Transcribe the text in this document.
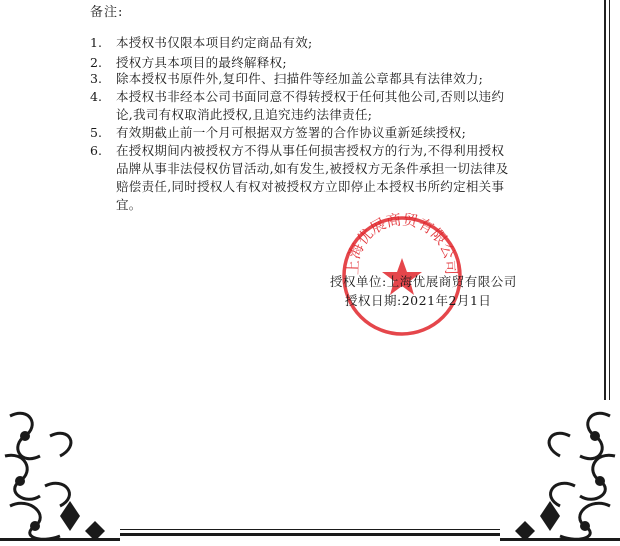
备注:
1.	本授权书仅限本项目约定商品有效;
2.	授权方具本项目的最终解释权;
3.	除本授权书原件外,复印件、扫描件等经加盖公章都具有法律效力;
4.	本授权书非经本公司书面同意不得转授权于任何其他公司,否则以违约论,我司有权取消此授权,且追究违约法律责任;
5.	有效期截止前一个月可根据双方签署的合作协议重新延续授权;
6.	在授权期间内被授权方不得从事任何损害授权方的行为,不得利用授权品牌从事非法侵权仿冒活动,如有发生,被授权方无条件承担一切法律及赔偿责任,同时授权人有权对被授权方立即停止本授权书所约定相关事宜。
上海优展商贸有限公司
授权单位:上海优展商贸有限公司
授权日期:2021年2月1日
